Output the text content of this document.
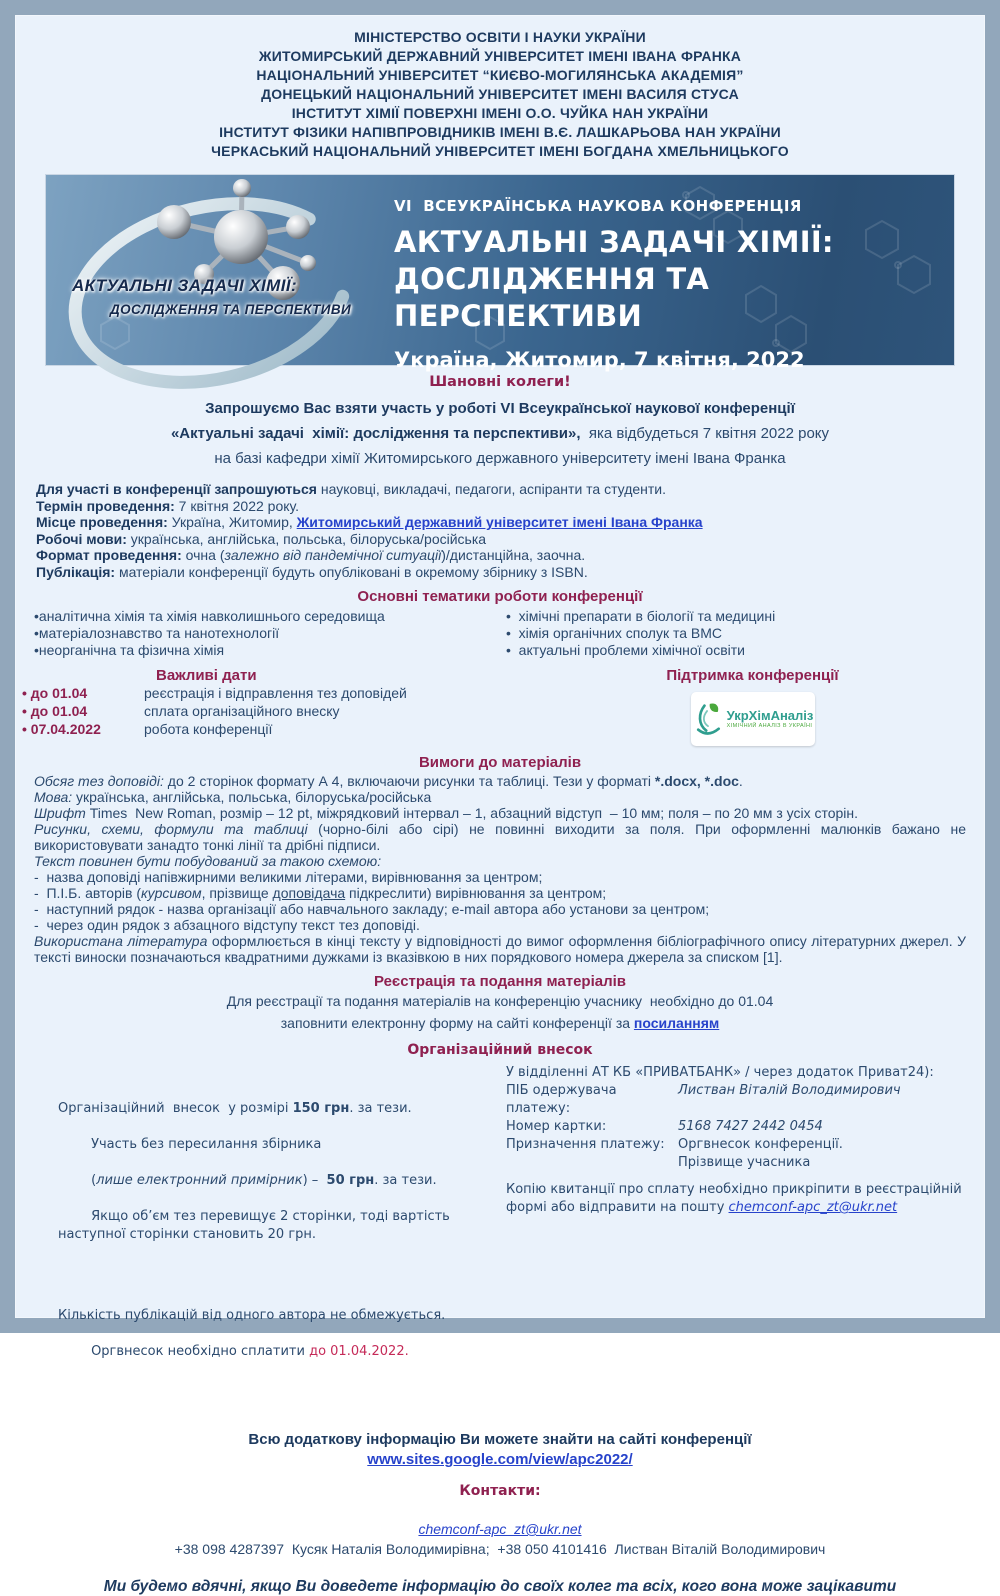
МІНІСТЕРСТВО ОСВІТИ І НАУКИ УКРАЇНИ
ЖИТОМИРСЬКИЙ ДЕРЖАВНИЙ УНІВЕРСИТЕТ ІМЕНІ ІВАНА ФРАНКА
НАЦІОНАЛЬНИЙ УНІВЕРСИТЕТ “КИЄВО-МОГИЛЯНСЬКА АКАДЕМІЯ”
ДОНЕЦЬКИЙ НАЦІОНАЛЬНИЙ УНІВЕРСИТЕТ ІМЕНІ ВАСИЛЯ СТУСА
ІНСТИТУТ ХІМІЇ ПОВЕРХНІ ІМЕНІ О.О. ЧУЙКА НАН УКРАЇНИ
ІНСТИТУТ ФІЗИКИ НАПІВПРОВІДНИКІВ ІМЕНІ В.Є. ЛАШКАРЬОВА НАН УКРАЇНИ
ЧЕРКАСЬКИЙ НАЦІОНАЛЬНИЙ УНІВЕРСИТЕТ ІМЕНІ БОГДАНА ХМЕЛЬНИЦЬКОГО
АКТУАЛЬНІ ЗАДАЧІ ХІМІЇ:
ДОСЛІДЖЕННЯ ТА ПЕРСПЕКТИВИ
VI  ВСЕУКРАЇНСЬКА НАУКОВА КОНФЕРЕНЦІЯ
АКТУАЛЬНІ ЗАДАЧІ ХІМІЇ:
ДОСЛІДЖЕННЯ ТА
ПЕРСПЕКТИВИ
Україна, Житомир, 7 квітня, 2022
Шановні колеги!
Запрошуємо Вас взяти участь у роботі VI Всеукраїнської наукової конференції
«Актуальні задачі  хімії: дослідження та перспективи»,  яка відбудеться 7 квітня 2022 року
на базі кафедри хімії Житомирського державного університету імені Івана Франка
Для участі в конференції запрошуються науковці, викладачі, педагоги, аспіранти та студенти.
Термін проведення: 7 квітня 2022 року.
Місце проведення: Україна, Житомир, Житомирський державний університет імені Івана Франка
Робочі мови: українська, англійська, польська, білоруська/російська
Формат проведення: очна (залежно від пандемічної ситуації)/дистанційна, заочна.
Публікація: матеріали конференції будуть опубліковані в окремому збірнику з ISBN.
Основні тематики роботи конференції
•аналітична хімія та хімія навколишнього середовища
•матеріалознавство та нанотехнології
•неорганічна та фізична хімія
•  хімічні препарати в біології та медицині
•  хімія органічних сполук та ВМС
•  актуальні проблеми хімічної освіти
Важливі дати
• до 01.04	реєстрація і відправлення тез доповідей
• до 01.04	сплата організаційного внеску
• 07.04.2022	робота конференції
Підтримка конференції
УкрХімАналіз
ХІМІЧНИЙ АНАЛІЗ В УКРАЇНІ
Вимоги до матеріалів
Обсяг тез доповіді: до 2 сторінок формату А 4, включаючи рисунки та таблиці. Тези у форматі *.docx, *.doc.
Мова: українська, англійська, польська, білоруська/російська
Шрифт Times  New Roman, розмір – 12 pt, міжрядковий інтервал – 1, абзацний відступ  – 10 мм; поля – по 20 мм з усіх сторін.
Рисунки, схеми, формули та таблиці (чорно-білі або сірі) не повинні виходити за поля. При оформленні малюнків бажано не використовувати занадто тонкі лінії та дрібні підписи.
Текст повинен бути побудований за такою схемою:
-  назва доповіді напівжирними великими літерами, вирівнювання за центром;
-  П.І.Б. авторів (курсивом, прізвище доповідача підкреслити) вирівнювання за центром;
-  наступний рядок - назва організації або навчального закладу; e-mail автора або установи за центром;
-  через один рядок з абзацного відступу текст тез доповіді.
Використана література оформлюється в кінці тексту у відповідності до вимог оформлення бібліографічного опису літературних джерел. У тексті виноски позначаються квадратними дужками із вказівкою в них порядкового номера джерела за списком [1].
Реєстрація та подання матеріалів
Для реєстрації та подання матеріалів на конференцію учаснику  необхідно до 01.04
заповнити електронну форму на сайті конференції за посиланням
Організаційний внесок

Організаційний  внесок  у розмірі 150 грн. за тези.

Участь без пересилання збірника

(лише електронний примірник) –  50 грн. за тези.

Якщо об’єм тез перевищує 2 сторінки, тоді вартість наступної сторінки становить 20 грн.

Кількість публікацій від одного автора не обмежується.

Оргвнесок необхідно сплатити до 01.04.2022.

У відділенні АТ КБ «ПРИВАТБАНК» / через додаток Приват24):
ПІБ одержувача платежу:
Листван Віталій Володимирович
Номер картки:	5168 7427 2442 0454
Призначення платежу:	Оргвнесок конференції.
Прізвище учасника
Копію квитанції про сплату необхідно прикріпити в реєстраційній формі або відправити на пошту chemconf-apc_zt@ukr.net
Всю додаткову інформацію Ви можете знайти на сайті конференції
www.sites.google.com/view/apc2022/
Контакти:
chemconf-apc_zt@ukr.net
+38 098 4287397  Кусяк Наталія Володимирівна;  +38 050 4101416  Листван Віталій Володимирович
Ми будемо вдячні, якщо Ви доведете інформацію до своїх колег та всіх, кого вона може зацікавити
